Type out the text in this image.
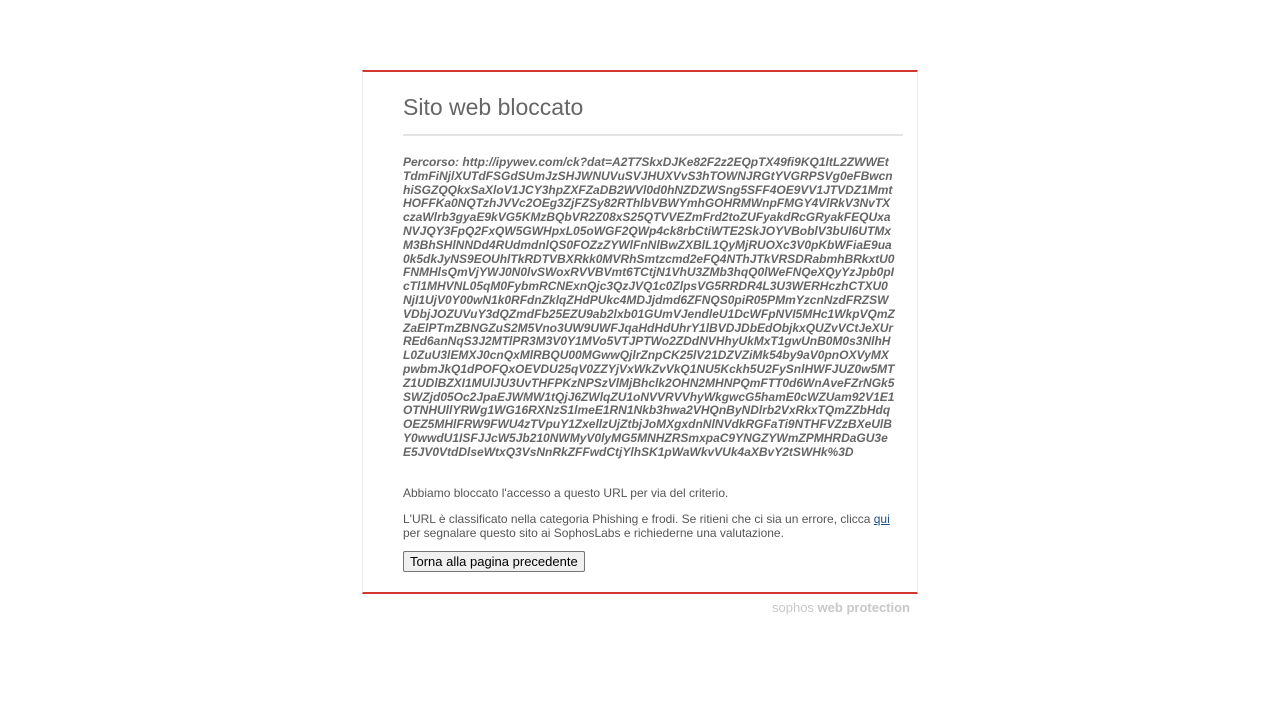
Sito web bloccato

Percorso: http://ipywev.com/ck?dat=A2T7SkxDJKe82F2z2EQpTX49fi9KQ1ltL2ZWWEtTdmFiNjlXUTdFSGdSUmJzSHJWNUVuSVJHUXVvS3hTOWNJRGtYVGRPSVg0eFBwcnhiSGZQQkxSaXloV1JCY3hpZXFZaDB2WVl0d0hNZDZWSng5SFF4OE9VV1JTVDZ1MmtHOFFKa0NQTzhJVVc2OEg3ZjFZSy82RThlbVBWYmhGOHRMWnpFMGY4VlRkV3NvTXczaWlrb3gyaE9kVG5KMzBQbVR2Z08xS25QTVVEZmFrd2toZUFyakdRcGRyakFEQUxaNVJQY3FpQ2FxQW5GWHpxL05oWGF2QWp4ck8rbCtiWTE2SkJOYVBoblV3bUl6UTMxM3BhSHlNNDd4RUdmdnlQS0FOZzZYWlFnNlBwZXBlL1QyMjRUOXc3V0pKbWFiaE9ua0k5dkJyNS9EOUhlTkRDTVBXRkk0MVRhSmtzcmd2eFQ4NThJTkVRSDRabmhBRkxtU0FNMHlsQmVjYWJ0N0lvSWoxRVVBVmt6TCtjN1VhU3ZMb3hqQ0lWeFNQeXQyYzJpb0pIcTl1MHVNL05qM0FybmRCNExnQjc3QzJVQ1c0ZlpsVG5RRDR4L3U3WERHczhCTXU0NjI1UjV0Y00wN1k0RFdnZklqZHdPUkc4MDJjdmd6ZFNQS0piR05PMmYzcnNzdFRZSWVDbjJOZUVuY3dQZmdFb25EZU9ab2lxb01GUmVJendleU1DcWFpNVI5MHc1WkpVQmZZaElPTmZBNGZuS2M5Vno3UW9UWFJqaHdHdUhrY1lBVDJDbEdObjkxQUZvVCtJeXUrREd6anNqS3J2MTlPR3M3V0Y1MVo5VTJPTWo2ZDdNVHhyUkMxT1gwUnB0M0s3NlhHL0ZuU3lEMXJ0cnQxMlRBQU00MGwwQjlrZnpCK25lV21DZVZiMk54by9aV0pnOXVyMXpwbmJkQ1dPOFQxOEVDU25qV0ZZYjVxWkZvVkQ1NU5Kckh5U2FySnlHWFJUZ0w5MTZ1UDlBZXI1MUlJU3UvTHFPKzNPSzVlMjBhclk2OHN2MHNPQmFTT0d6WnAveFZrNGk5SWZjd05Oc2JpaEJWMW1tQjJ6ZWlqZU1oNVVRVVhyWkgwcG5hamE0cWZUam92V1E1OTNHUllYRWg1WG16RXNzS1lmeE1RN1Nkb3hwa2VHQnByNDlrb2VxRkxTQmZZbHdqOEZ5MHlFRW9FWU4zTVpuY1ZxellzUjZtbjJoMXgxdnNlNVdkRGFaTi9NTHFVZzBXeUlBY0wwdU1ISFJJcW5Jb210NWMyV0lyMG5MNHZRSmxpaC9YNGZYWmZPMHRDaGU3eE5JV0VtdDlseWtxQ3VsNnRkZFFwdCtjYlhSK1pWaWkvVUk4aXBvY2tSWHk%3D

Abbiamo bloccato l'accesso a questo URL per via del criterio.

L'URL è classificato nella categoria Phishing e frodi. Se ritieni che ci sia un errore, clicca qui per segnalare questo sito ai SophosLabs e richiederne una valutazione.

Torna alla pagina precedente
sophos web protection
